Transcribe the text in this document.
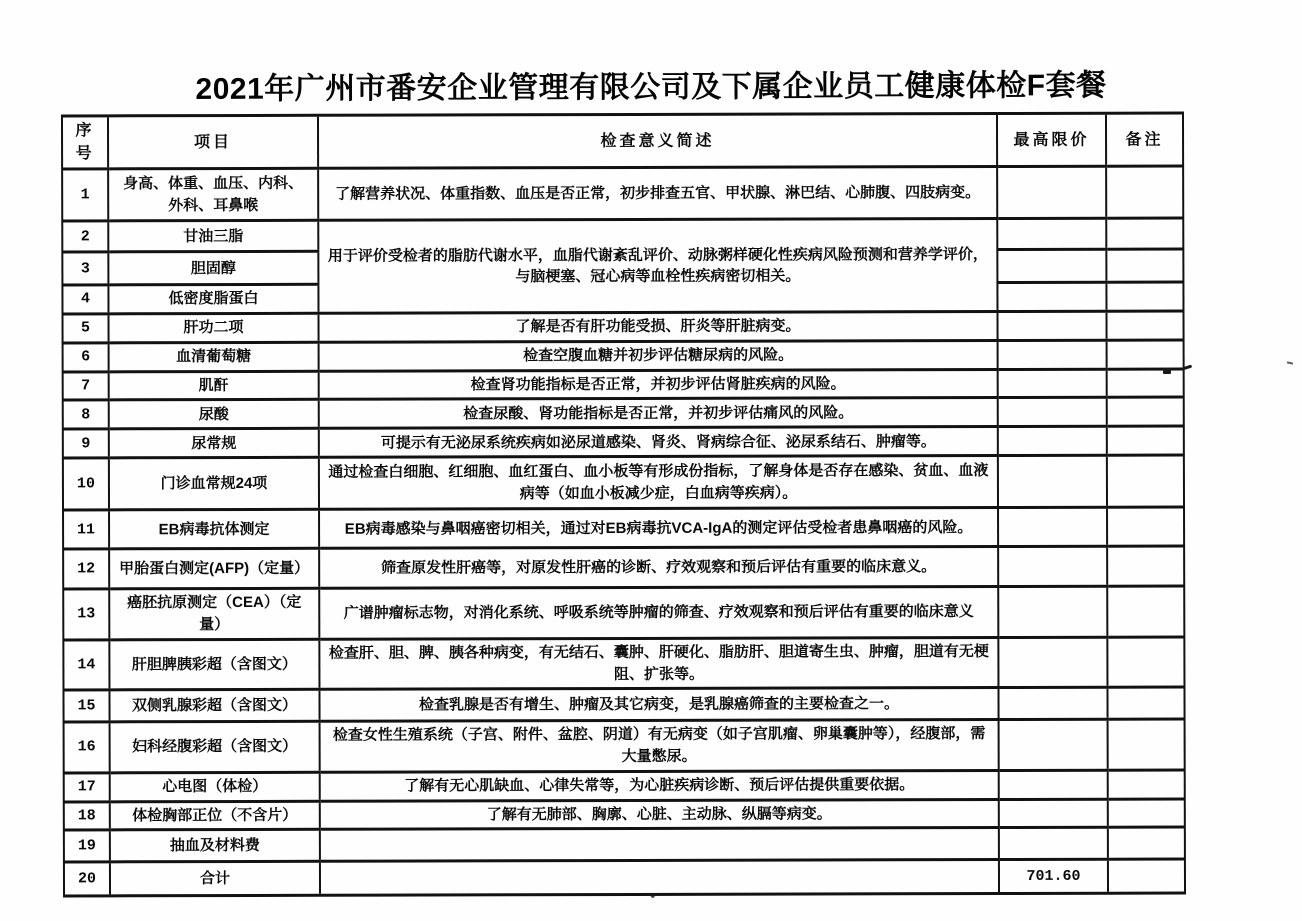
2021年广州市番安企业管理有限公司及下属企业员工健康体检F套餐
序号	项目	检查意义简述	最高限价	备注
1	身高、体重、血压、内科、外科、耳鼻喉	了解营养状况、体重指数、血压是否正常，初步排查五官、甲状腺、淋巴结、心肺腹、四肢病变。		
2	甘油三脂	用于评价受检者的脂肪代谢水平，血脂代谢紊乱评价、动脉粥样硬化性疾病风险预测和营养学评价，与脑梗塞、冠心病等血栓性疾病密切相关。		
3	胆固醇			
4	低密度脂蛋白			
5	肝功二项	了解是否有肝功能受损、肝炎等肝脏病变。		
6	血清葡萄糖	检查空腹血糖并初步评估糖尿病的风险。		
7	肌酐	检查肾功能指标是否正常，并初步评估肾脏疾病的风险。		
8	尿酸	检查尿酸、肾功能指标是否正常，并初步评估痛风的风险。		
9	尿常规	可提示有无泌尿系统疾病如泌尿道感染、肾炎、肾病综合征、泌尿系结石、肿瘤等。		
10	门诊血常规24项	通过检查白细胞、红细胞、血红蛋白、血小板等有形成份指标，了解身体是否存在感染、贫血、血液病等（如血小板减少症，白血病等疾病）。		
11	EB病毒抗体测定	EB病毒感染与鼻咽癌密切相关，通过对EB病毒抗VCA-IgA的测定评估受检者患鼻咽癌的风险。		
12	甲胎蛋白测定(AFP)（定量）	筛查原发性肝癌等，对原发性肝癌的诊断、疗效观察和预后评估有重要的临床意义。		
13	癌胚抗原测定（CEA）（定量）	广谱肿瘤标志物，对消化系统、呼吸系统等肿瘤的筛查、疗效观察和预后评估有重要的临床意义		
14	肝胆脾胰彩超（含图文）	检查肝、胆、脾、胰各种病变，有无结石、囊肿、肝硬化、脂肪肝、胆道寄生虫、肿瘤，胆道有无梗阻、扩张等。		
15	双侧乳腺彩超（含图文）	检查乳腺是否有增生、肿瘤及其它病变，是乳腺癌筛查的主要检查之一。		
16	妇科经腹彩超（含图文）	检查女性生殖系统（子宫、附件、盆腔、阴道）有无病变（如子宫肌瘤、卵巢囊肿等），经腹部，需大量憋尿。		
17	心电图（体检）	了解有无心肌缺血、心律失常等，为心脏疾病诊断、预后评估提供重要依据。		
18	体检胸部正位（不含片）	了解有无肺部、胸廓、心脏、主动脉、纵膈等病变。		
19	抽血及材料费			
20	合计		701.60	
